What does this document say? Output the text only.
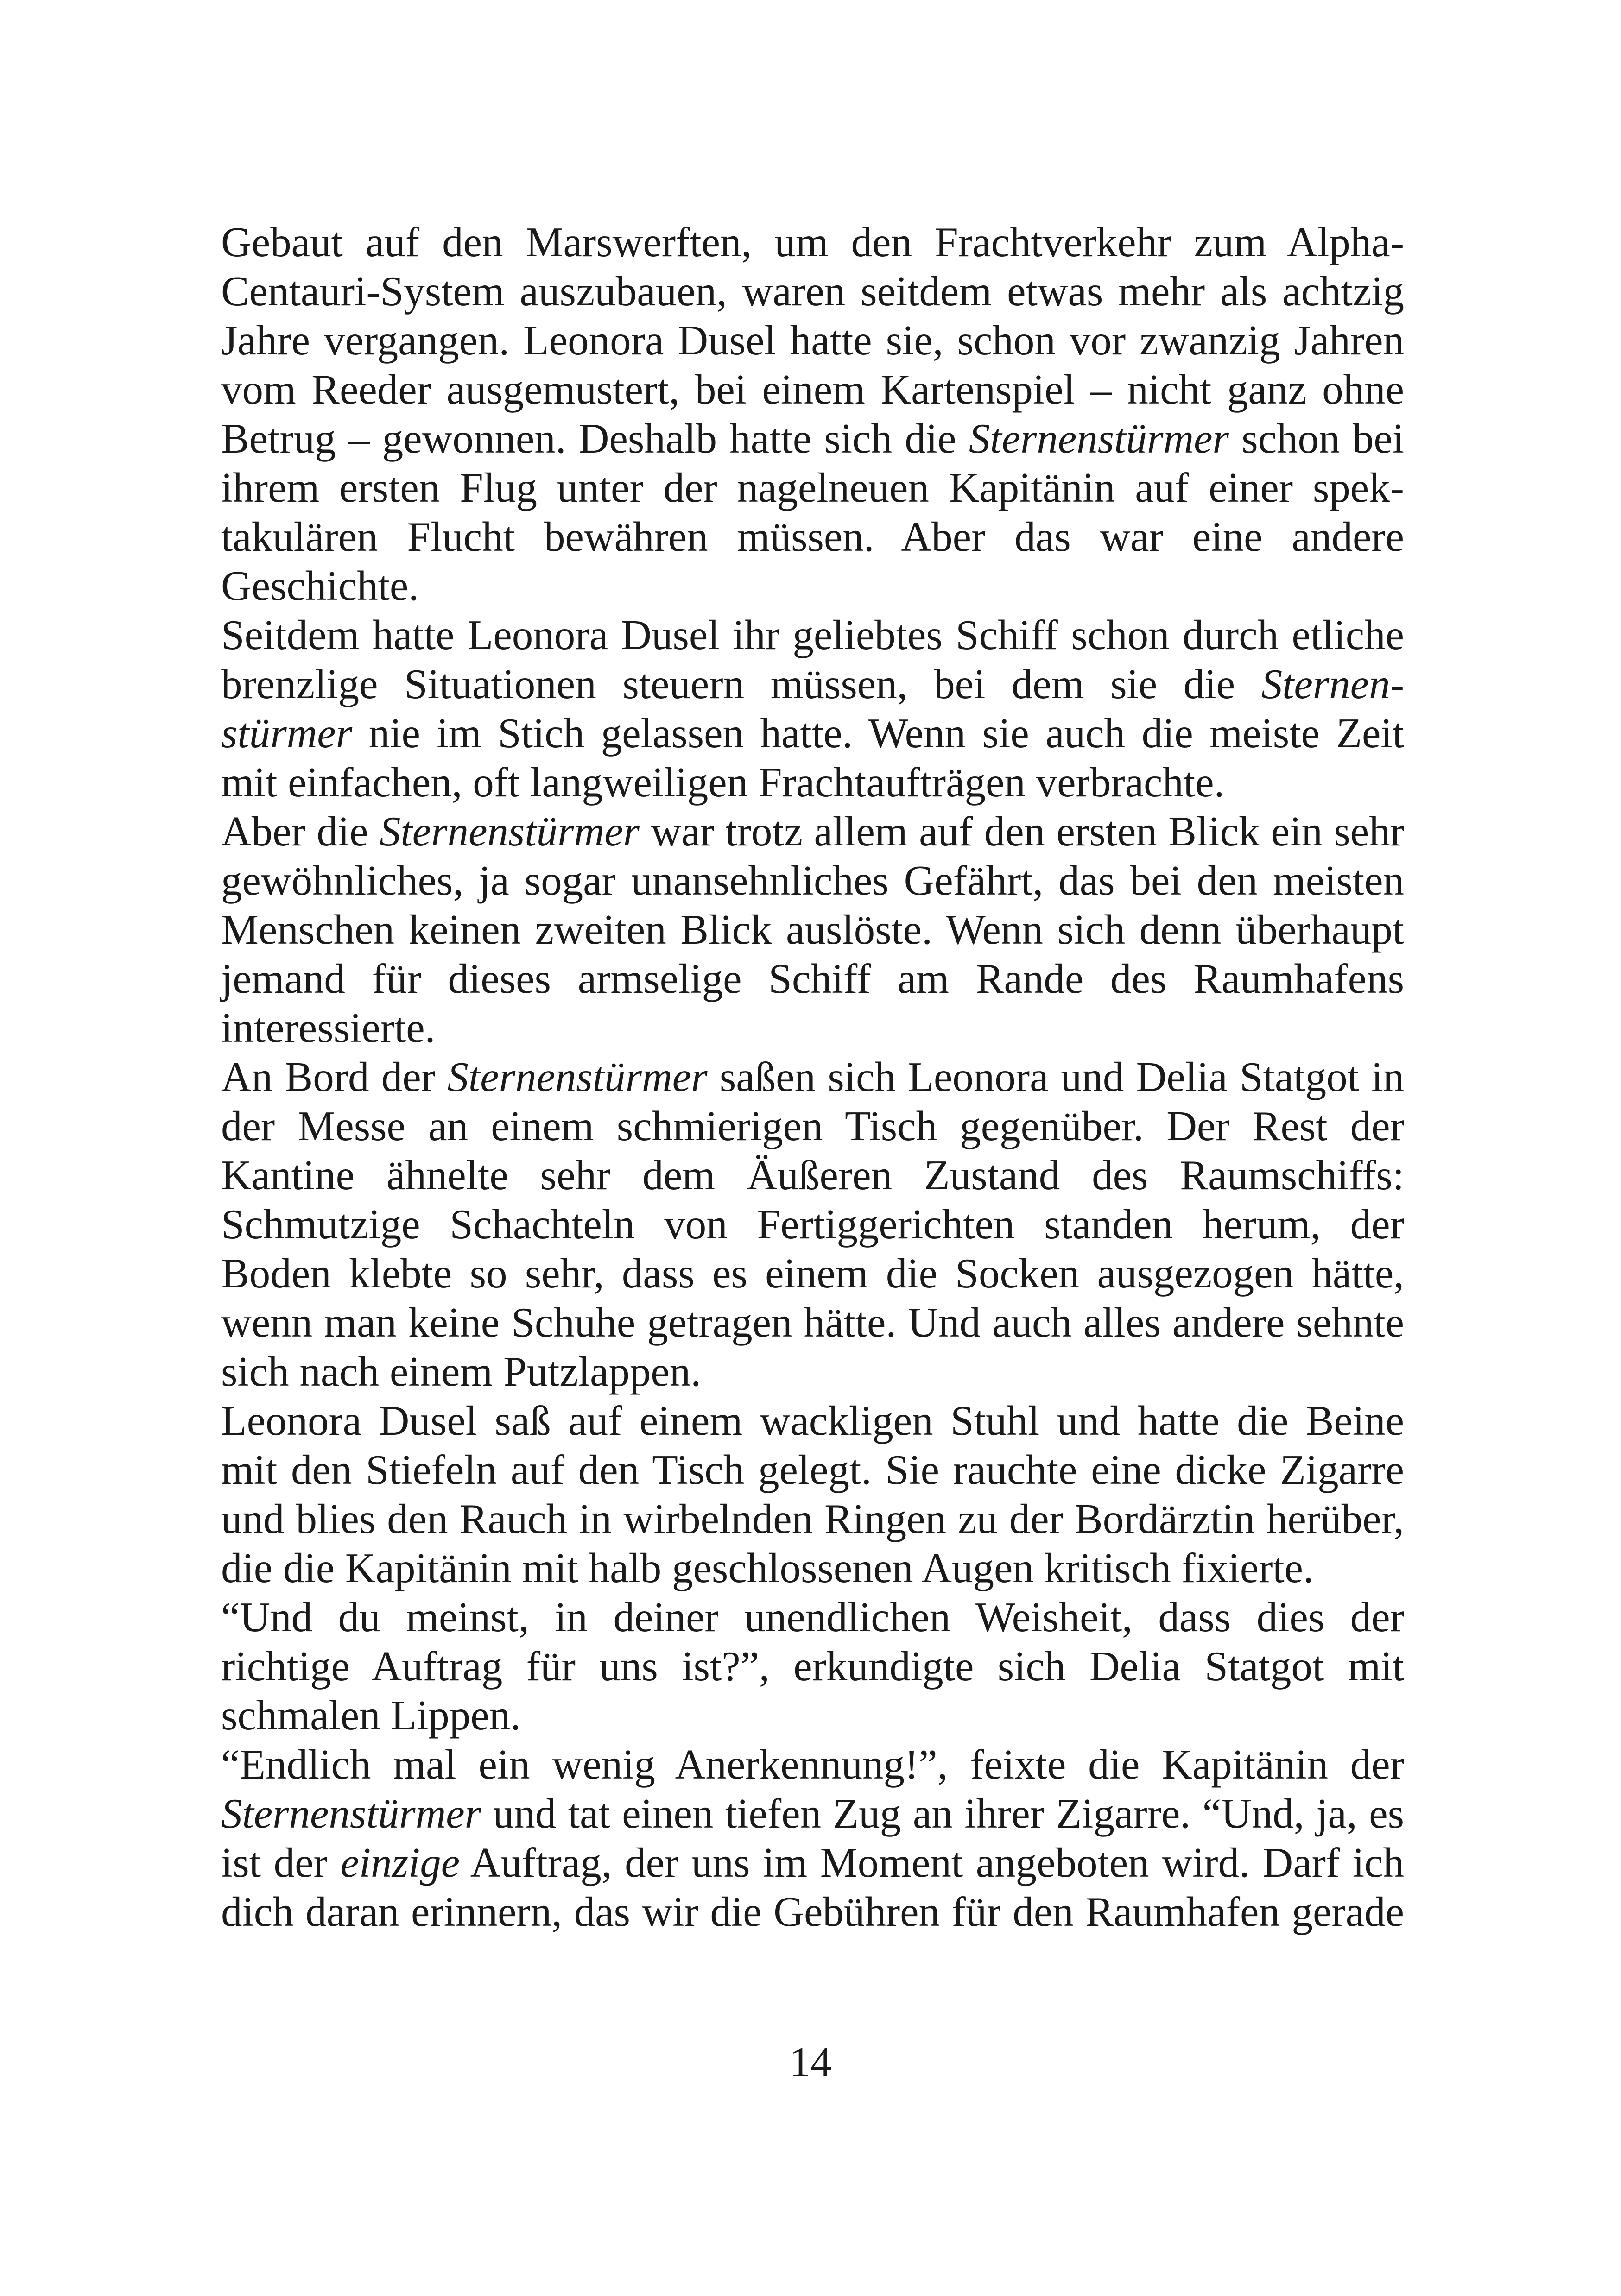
Gebaut auf den Marswerften, um den Frachtverkehr zum Alpha-
Centauri-System auszubauen, waren seitdem etwas mehr als achtzig
Jahre vergangen. Leonora Dusel hatte sie, schon vor zwanzig Jahren
vom Reeder ausgemustert, bei einem Kartenspiel – nicht ganz ohne
Betrug – gewonnen. Deshalb hatte sich die Sternenstürmer schon bei
ihrem ersten Flug unter der nagelneuen Kapitänin auf einer spek-
takulären Flucht bewähren müssen. Aber das war eine andere
Geschichte.
Seitdem hatte Leonora Dusel ihr geliebtes Schiff schon durch etliche
brenzlige Situationen steuern müssen, bei dem sie die Sternen-
stürmer nie im Stich gelassen hatte. Wenn sie auch die meiste Zeit
mit einfachen, oft langweiligen Frachtaufträgen verbrachte.
Aber die Sternenstürmer war trotz allem auf den ersten Blick ein sehr
gewöhnliches, ja sogar unansehnliches Gefährt, das bei den meisten
Menschen keinen zweiten Blick auslöste. Wenn sich denn überhaupt
jemand für dieses armselige Schiff am Rande des Raumhafens
interessierte.
An Bord der Sternenstürmer saßen sich Leonora und Delia Statgot in
der Messe an einem schmierigen Tisch gegenüber. Der Rest der
Kantine ähnelte sehr dem Äußeren Zustand des Raumschiffs:
Schmutzige Schachteln von Fertiggerichten standen herum, der
Boden klebte so sehr, dass es einem die Socken ausgezogen hätte,
wenn man keine Schuhe getragen hätte. Und auch alles andere sehnte
sich nach einem Putzlappen.
Leonora Dusel saß auf einem wackligen Stuhl und hatte die Beine
mit den Stiefeln auf den Tisch gelegt. Sie rauchte eine dicke Zigarre
und blies den Rauch in wirbelnden Ringen zu der Bordärztin herüber,
die die Kapitänin mit halb geschlossenen Augen kritisch fixierte.
“Und du meinst, in deiner unendlichen Weisheit, dass dies der
richtige Auftrag für uns ist?”, erkundigte sich Delia Statgot mit
schmalen Lippen.
“Endlich mal ein wenig Anerkennung!”, feixte die Kapitänin der
Sternenstürmer und tat einen tiefen Zug an ihrer Zigarre. “Und, ja, es
ist der einzige Auftrag, der uns im Moment angeboten wird. Darf ich
dich daran erinnern, das wir die Gebühren für den Raumhafen gerade
14
